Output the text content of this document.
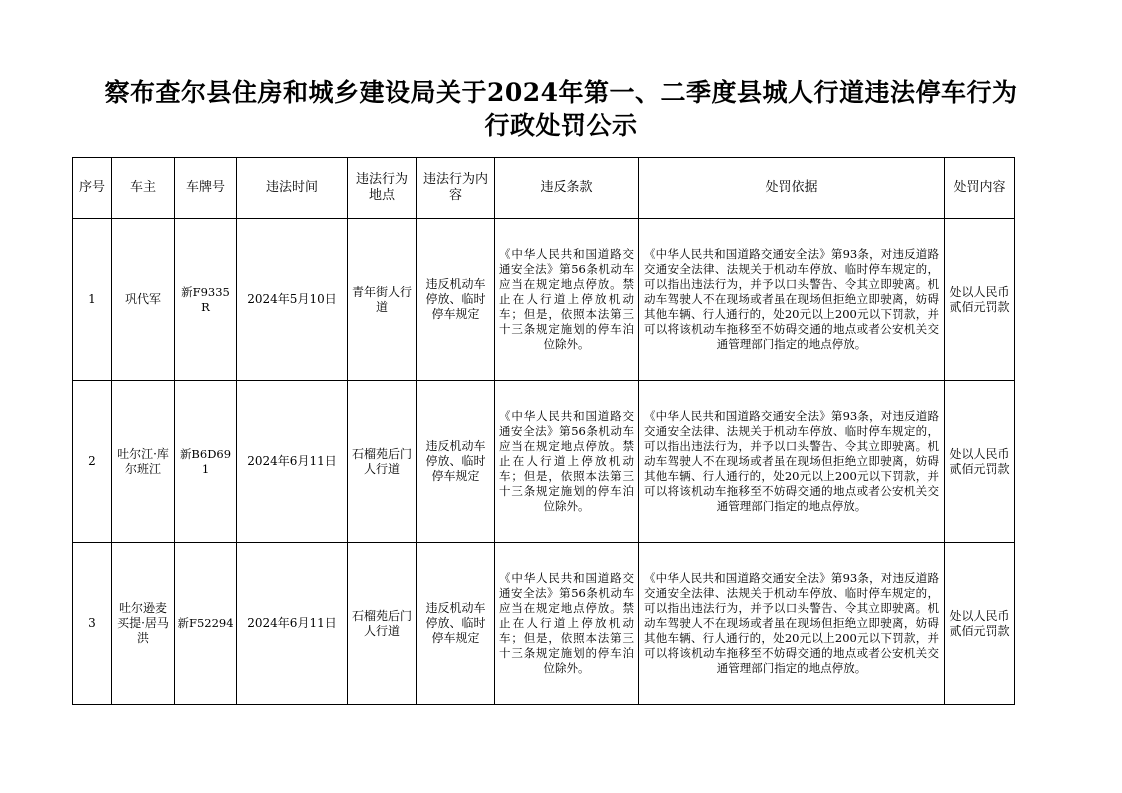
察布查尔县住房和城乡建设局关于2024年第一、二季度县城人行道违法停车行为
行政处罚公示
序号	车主	车牌号	违法时间	违法行为地点	违法行为内容	违反条款	处罚依据	处罚内容
1	巩代军	新F9335R	2024年5月10日	青年街人行道	违反机动车停放、临时停车规定	《中华人民共和国道路交通安全法》第56条机动车应当在规定地点停放。禁止在人行道上停放机动车；但是，依照本法第三十三条规定施划的停车泊位除外。	《中华人民共和国道路交通安全法》第93条，对违反道路交通安全法律、法规关于机动车停放、临时停车规定的，可以指出违法行为，并予以口头警告、令其立即驶离。机动车驾驶人不在现场或者虽在现场但拒绝立即驶离，妨碍其他车辆、行人通行的，处20元以上200元以下罚款，并可以将该机动车拖移至不妨碍交通的地点或者公安机关交通管理部门指定的地点停放。	处以人民币贰佰元罚款
2	吐尔江·库尔班江	新B6D691	2024年6月11日	石榴苑后门人行道	违反机动车停放、临时停车规定	《中华人民共和国道路交通安全法》第56条机动车应当在规定地点停放。禁止在人行道上停放机动车；但是，依照本法第三十三条规定施划的停车泊位除外。	《中华人民共和国道路交通安全法》第93条，对违反道路交通安全法律、法规关于机动车停放、临时停车规定的，可以指出违法行为，并予以口头警告、令其立即驶离。机动车驾驶人不在现场或者虽在现场但拒绝立即驶离，妨碍其他车辆、行人通行的，处20元以上200元以下罚款，并可以将该机动车拖移至不妨碍交通的地点或者公安机关交通管理部门指定的地点停放。	处以人民币贰佰元罚款
3	吐尔逊麦买提·居马洪	新F52294	2024年6月11日	石榴苑后门人行道	违反机动车停放、临时停车规定	《中华人民共和国道路交通安全法》第56条机动车应当在规定地点停放。禁止在人行道上停放机动车；但是，依照本法第三十三条规定施划的停车泊位除外。	《中华人民共和国道路交通安全法》第93条，对违反道路交通安全法律、法规关于机动车停放、临时停车规定的，可以指出违法行为，并予以口头警告、令其立即驶离。机动车驾驶人不在现场或者虽在现场但拒绝立即驶离，妨碍其他车辆、行人通行的，处20元以上200元以下罚款，并可以将该机动车拖移至不妨碍交通的地点或者公安机关交通管理部门指定的地点停放。	处以人民币贰佰元罚款
